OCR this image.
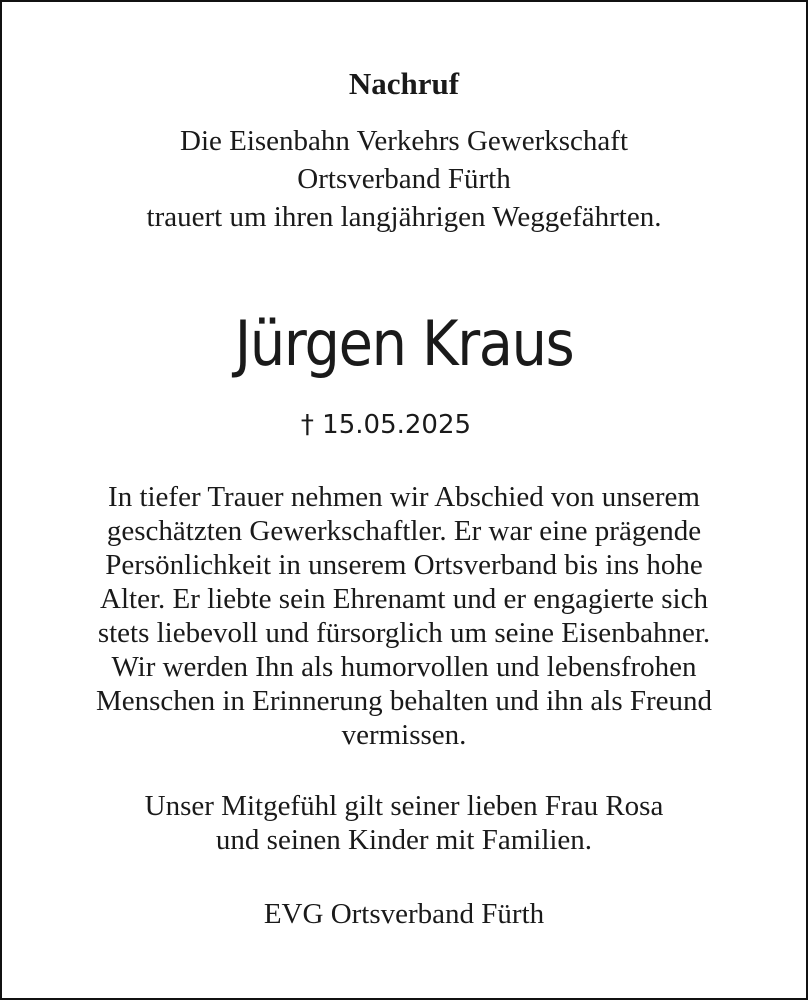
Nachruf
Die Eisenbahn Verkehrs Gewerkschaft
Ortsverband Fürth
trauert um ihren langjährigen Weggefährten.
Jürgen Kraus
† 15.05.2025
In tiefer Trauer nehmen wir Abschied von unserem
geschätzten Gewerkschaftler. Er war eine prägende
Persönlichkeit in unserem Ortsverband bis ins hohe
Alter. Er liebte sein Ehrenamt und er engagierte sich
stets liebevoll und fürsorglich um seine Eisenbahner.
Wir werden Ihn als humorvollen und lebensfrohen
Menschen in Erinnerung behalten und ihn als Freund
vermissen.
Unser Mitgefühl gilt seiner lieben Frau Rosa
und seinen Kinder mit Familien.
EVG Ortsverband Fürth
